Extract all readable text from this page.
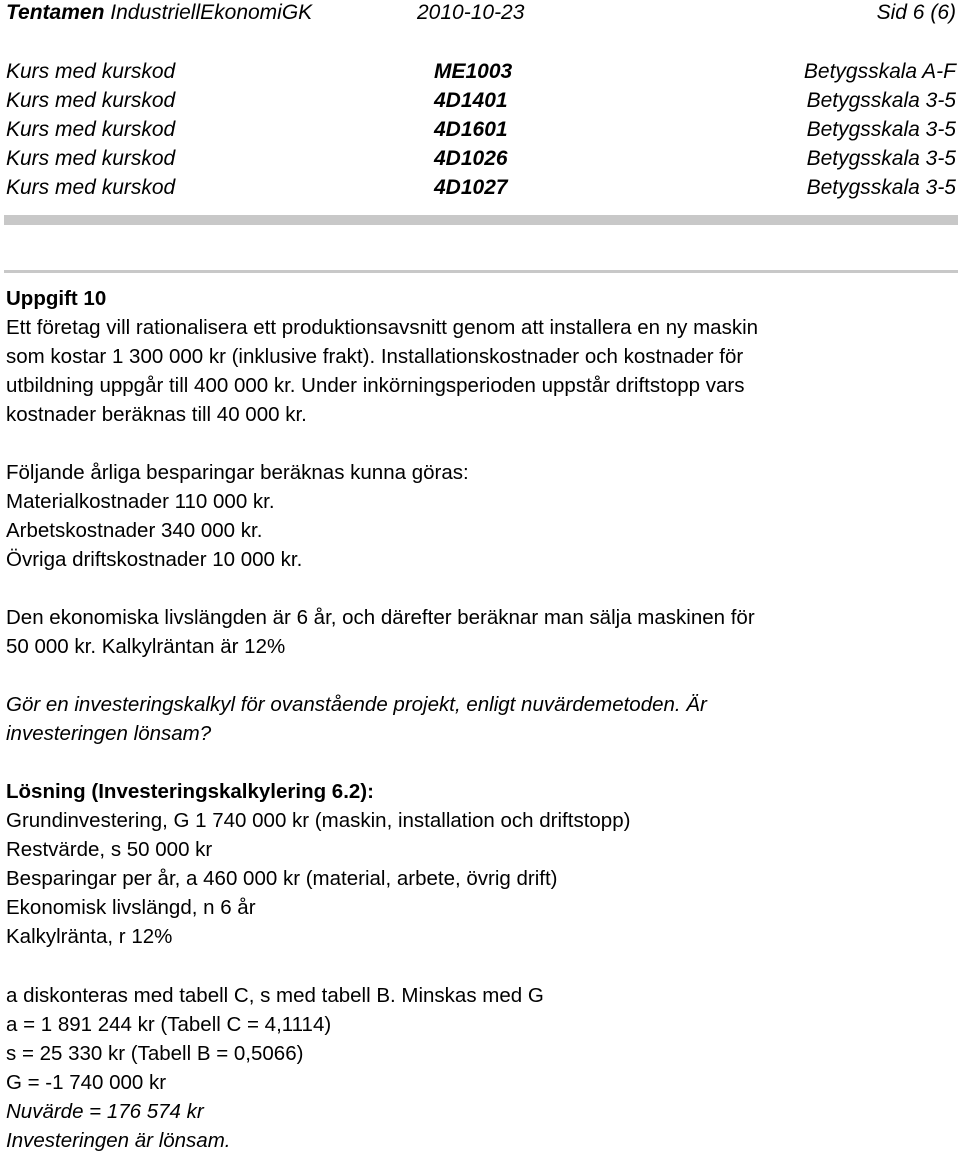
Tentamen IndustriellEkonomiGK	2010-10-23	Sid 6 (6)
Kurs med kurskod	ME1003	Betygsskala A-F
Kurs med kurskod	4D1401	Betygsskala 3-5
Kurs med kurskod	4D1601	Betygsskala 3-5
Kurs med kurskod	4D1026	Betygsskala 3-5
Kurs med kurskod	4D1027	Betygsskala 3-5
Uppgift 10
Ett företag vill rationalisera ett produktionsavsnitt genom att installera en ny maskin
som kostar 1 300 000 kr (inklusive frakt). Installationskostnader och kostnader för
utbildning uppgår till 400 000 kr. Under inkörningsperioden uppstår driftstopp vars
kostnader beräknas till 40 000 kr.
Följande årliga besparingar beräknas kunna göras:
Materialkostnader 110 000 kr.
Arbetskostnader 340 000 kr.
Övriga driftskostnader 10 000 kr.
Den ekonomiska livslängden är 6 år, och därefter beräknar man sälja maskinen för
50 000 kr. Kalkylräntan är 12%
Gör en investeringskalkyl för ovanstående projekt, enligt nuvärdemetoden. Är
investeringen lönsam?
Lösning (Investeringskalkylering 6.2):
Grundinvestering, G 1 740 000 kr (maskin, installation och driftstopp)
Restvärde, s 50 000 kr
Besparingar per år, a 460 000 kr (material, arbete, övrig drift)
Ekonomisk livslängd, n 6 år
Kalkylränta, r 12%
a diskonteras med tabell C, s med tabell B. Minskas med G
a = 1 891 244 kr (Tabell C = 4,1114)
s = 25 330 kr (Tabell B = 0,5066)
G = -1 740 000 kr
Nuvärde = 176 574 kr
Investeringen är lönsam.
